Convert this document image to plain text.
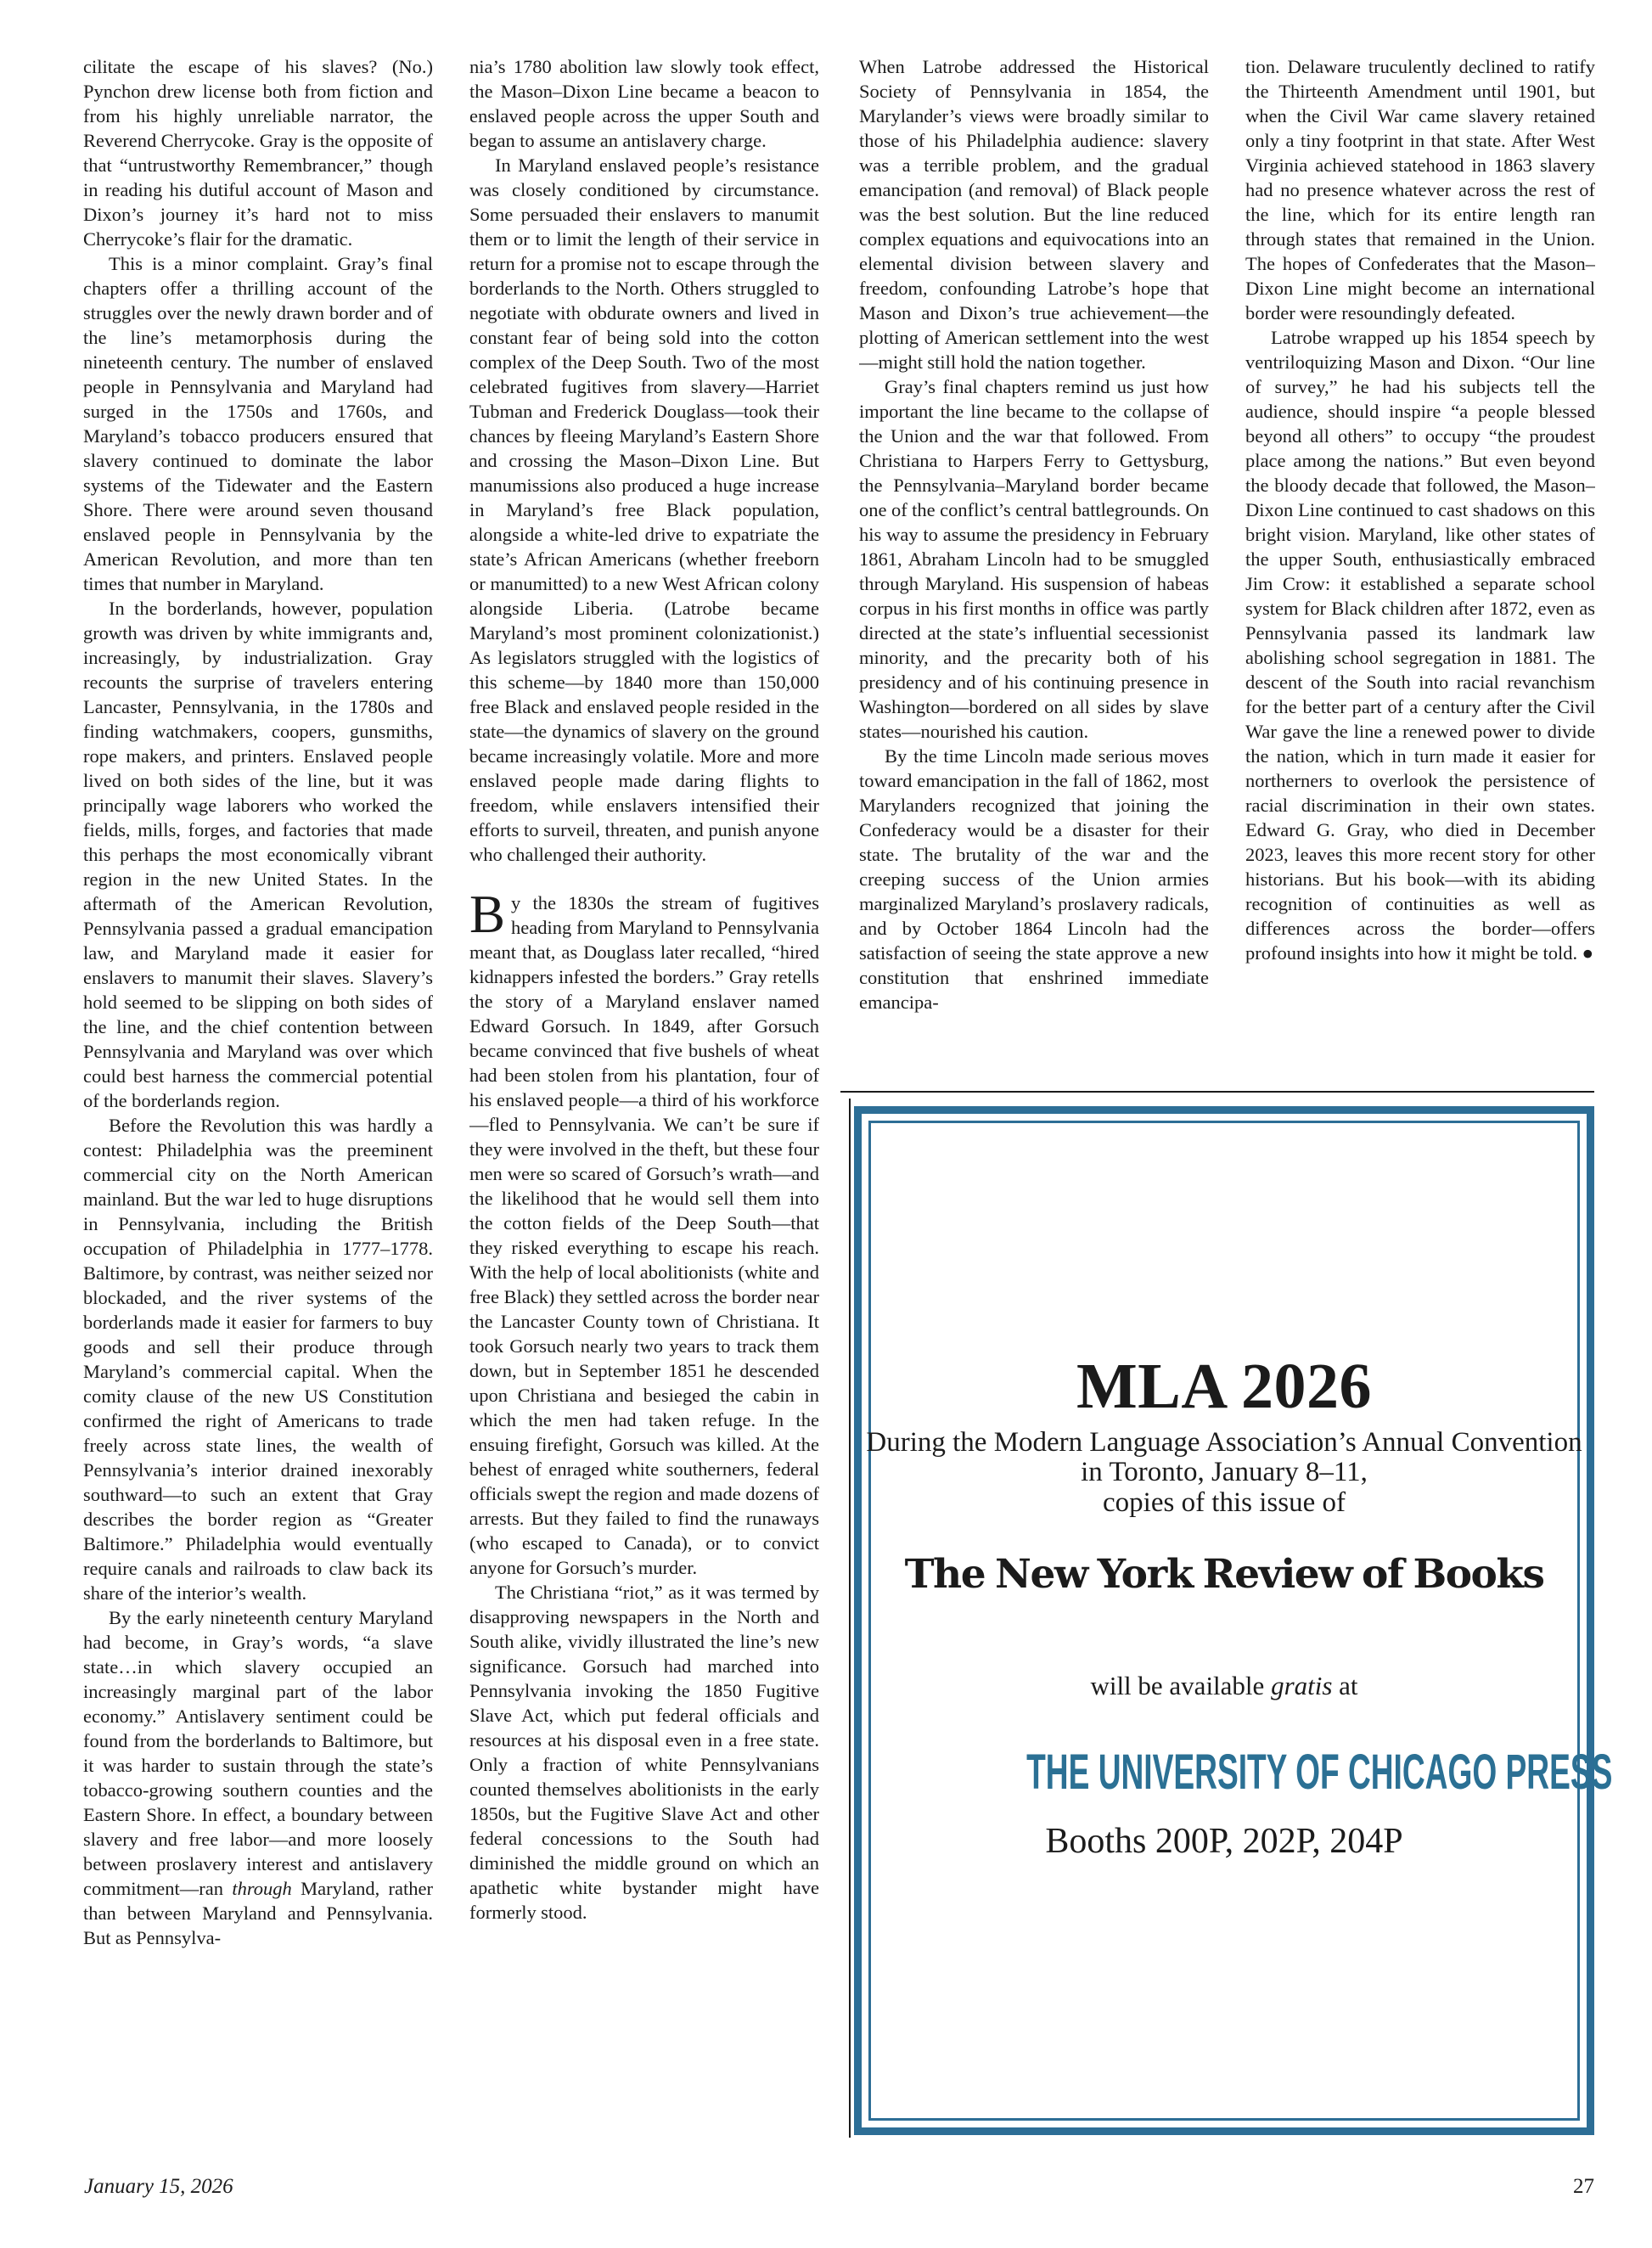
cilitate the escape of his slaves? (No.) Pynchon drew license both from fiction and from his highly unreliable narrator, the Reverend Cherrycoke. Gray is the opposite of that “untrustworthy Remembrancer,” though in reading his dutiful account of Mason and Dixon’s journey it’s hard not to miss Cherrycoke’s flair for the dramatic.

This is a minor complaint. Gray’s final chapters offer a thrilling account of the struggles over the newly drawn border and of the line’s metamorphosis during the nineteenth century. The number of enslaved people in Pennsylvania and Maryland had surged in the 1750s and 1760s, and Maryland’s tobacco producers ensured that slavery continued to dominate the labor systems of the Tidewater and the Eastern Shore. There were around seven thousand enslaved people in Pennsylvania by the American Revolution, and more than ten times that number in Maryland.

In the borderlands, however, population growth was driven by white immigrants and, increasingly, by industrialization. Gray recounts the surprise of travelers entering Lancaster, Pennsylvania, in the 1780s and finding watchmakers, coopers, gunsmiths, rope makers, and printers. Enslaved people lived on both sides of the line, but it was principally wage laborers who worked the fields, mills, forges, and factories that made this perhaps the most economically vibrant region in the new United States. In the aftermath of the American Revolution, Pennsylvania passed a gradual emancipation law, and Maryland made it easier for enslavers to manumit their slaves. Slavery’s hold seemed to be slipping on both sides of the line, and the chief contention between Pennsylvania and Maryland was over which could best harness the commercial potential of the borderlands region.

Before the Revolution this was hardly a contest: Philadelphia was the preeminent commercial city on the North American mainland. But the war led to huge disruptions in Pennsylvania, including the British occupation of Philadelphia in 1777–1778. Baltimore, by contrast, was neither seized nor blockaded, and the river systems of the borderlands made it easier for farmers to buy goods and sell their produce through Maryland’s commercial capital. When the comity clause of the new US Constitution confirmed the right of Americans to trade freely across state lines, the wealth of Pennsylvania’s interior drained inexorably southward—to such an extent that Gray describes the border region as “Greater Baltimore.” Philadelphia would eventually require canals and railroads to claw back its share of the interior’s wealth.

By the early nineteenth century Maryland had become, in Gray’s words, “a slave state…in which slavery occupied an increasingly marginal part of the labor economy.” Antislavery sentiment could be found from the borderlands to Baltimore, but it was harder to sustain through the state’s tobacco-growing southern counties and the Eastern Shore. In effect, a boundary between slavery and free labor—and more loosely between proslavery interest and antislavery commitment—ran through Maryland, rather than between Maryland and Pennsylvania. But as Pennsylva-

nia’s 1780 abolition law slowly took effect, the Mason–Dixon Line became a beacon to enslaved people across the upper South and began to assume an antislavery charge.

In Maryland enslaved people’s resistance was closely conditioned by circumstance. Some persuaded their enslavers to manumit them or to limit the length of their service in return for a promise not to escape through the borderlands to the North. Others struggled to negotiate with obdurate owners and lived in constant fear of being sold into the cotton complex of the Deep South. Two of the most celebrated fugitives from slavery—Harriet Tubman and Frederick Douglass—took their chances by fleeing Maryland’s Eastern Shore and crossing the Mason–Dixon Line. But manumissions also produced a huge increase in Maryland’s free Black population, alongside a white-led drive to expatriate the state’s African Americans (whether freeborn or manumitted) to a new West African colony alongside Liberia. (Latrobe became Maryland’s most prominent colonizationist.) As legislators struggled with the logistics of this scheme—by 1840 more than 150,000 free Black and enslaved people resided in the state—the dynamics of slavery on the ground became increasingly volatile. More and more enslaved people made daring flights to freedom, while enslavers intensified their efforts to surveil, threaten, and punish anyone who challenged their authority.

By the 1830s the stream of fugitives heading from Maryland to Pennsylvania meant that, as Douglass later recalled, “hired kidnappers infested the borders.” Gray retells the story of a Maryland enslaver named Edward Gorsuch. In 1849, after Gorsuch became convinced that five bushels of wheat had been stolen from his plantation, four of his enslaved people—a third of his workforce—fled to Pennsylvania. We can’t be sure if they were involved in the theft, but these four men were so scared of Gorsuch’s wrath—and the likelihood that he would sell them into the cotton fields of the Deep South—that they risked everything to escape his reach. With the help of local abolitionists (white and free Black) they settled across the border near the Lancaster County town of Christiana. It took Gorsuch nearly two years to track them down, but in September 1851 he descended upon Christiana and besieged the cabin in which the men had taken refuge. In the ensuing firefight, Gorsuch was killed. At the behest of enraged white southerners, federal officials swept the region and made dozens of arrests. But they failed to find the runaways (who escaped to Canada), or to convict anyone for Gorsuch’s murder.

The Christiana “riot,” as it was termed by disapproving newspapers in the North and South alike, vividly illustrated the line’s new significance. Gorsuch had marched into Pennsylvania invoking the 1850 Fugitive Slave Act, which put federal officials and resources at his disposal even in a free state. Only a fraction of white Pennsylvanians counted themselves abolitionists in the early 1850s, but the Fugitive Slave Act and other federal concessions to the South had diminished the middle ground on which an apathetic white bystander might have formerly stood.

When Latrobe addressed the Historical Society of Pennsylvania in 1854, the Marylander’s views were broadly similar to those of his Philadelphia audience: slavery was a terrible problem, and the gradual emancipation (and removal) of Black people was the best solution. But the line reduced complex equations and equivocations into an elemental division between slavery and freedom, confounding Latrobe’s hope that Mason and Dixon’s true achievement—the plotting of American settlement into the west—might still hold the nation together.

Gray’s final chapters remind us just how important the line became to the collapse of the Union and the war that followed. From Christiana to Harpers Ferry to Gettysburg, the Pennsylvania–Maryland border became one of the conflict’s central battlegrounds. On his way to assume the presidency in February 1861, Abraham Lincoln had to be smuggled through Maryland. His suspension of habeas corpus in his first months in office was partly directed at the state’s influential secessionist minority, and the precarity both of his presidency and of his continuing presence in Washington—bordered on all sides by slave states—nourished his caution.

By the time Lincoln made serious moves toward emancipation in the fall of 1862, most Marylanders recognized that joining the Confederacy would be a disaster for their state. The brutality of the war and the creeping success of the Union armies marginalized Maryland’s proslavery radicals, and by October 1864 Lincoln had the satisfaction of seeing the state approve a new constitution that enshrined immediate emancipa-

tion. Delaware truculently declined to ratify the Thirteenth Amendment until 1901, but when the Civil War came slavery retained only a tiny footprint in that state. After West Virginia achieved statehood in 1863 slavery had no presence whatever across the rest of the line, which for its entire length ran through states that remained in the Union. The hopes of Confederates that the Mason–Dixon Line might become an international border were resoundingly defeated.

Latrobe wrapped up his 1854 speech by ventriloquizing Mason and Dixon. “Our line of survey,” he had his subjects tell the audience, should inspire “a people blessed beyond all others” to occupy “the proudest place among the nations.” But even beyond the bloody decade that followed, the Mason–Dixon Line continued to cast shadows on this bright vision. Maryland, like other states of the upper South, enthusiastically embraced Jim Crow: it established a separate school system for Black children after 1872, even as Pennsylvania passed its landmark law abolishing school segregation in 1881. The descent of the South into racial revanchism for the better part of a century after the Civil War gave the line a renewed power to divide the nation, which in turn made it easier for northerners to overlook the persistence of racial discrimination in their own states. Edward G. Gray, who died in December 2023, leaves this more recent story for other historians. But his book—with its abiding recognition of continuities as well as differences across the border—offers profound insights into how it might be told. ●

MLA 2026
During the Modern Language Association’s Annual Convention
in Toronto, January 8–11,
copies of this issue of
The New York Review of Books
will be available gratis at
THE UNIVERSITY OF CHICAGO PRESS
Booths 200P, 202P, 204P
January 15, 2026	27
